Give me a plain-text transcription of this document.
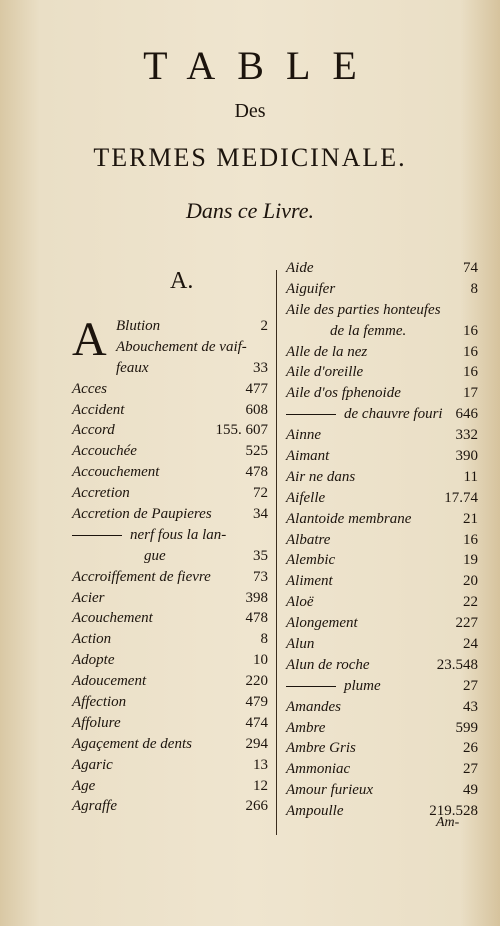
TABLE
Des
TERMES MEDICINALE.
Dans ce Livre.
A.
A Blution	2
Abouchement de vaif-
feaux	33
Acces	477
Accident	608
Accord	155. 607
Accouchée	525
Accouchement	478
Accretion	72
Accretion de Paupieres	34
nerf fous la lan-
gue	35
Accroiffement de fievre	73
Acier	398
Acouchement	478
Action	8
Adopte	10
Adoucement	220
Affection	479
Affolure	474
Agaçement de dents	294
Agaric	13
Age	12
Agraffe	266
Aide	74
Aiguifer	8
Aile des parties honteufes
de la femme.	16
Alle de la nez	16
Aile d'oreille	16
Aile d'os fphenoide	17
de chauvre fouri 646
Ainne	332
Aimant	390
Air ne dans	11
Aifelle	17.74
Alantoide membrane	21
Albatre	16
Alembic	19
Aliment	20
Aloë	22
Alongement	227
Alun	24
Alun de roche	23.548
plume	27
Amandes	43
Ambre	599
Ambre Gris	26
Ammoniac	27
Amour furieux	49
Ampoulle	219.528
Am-
